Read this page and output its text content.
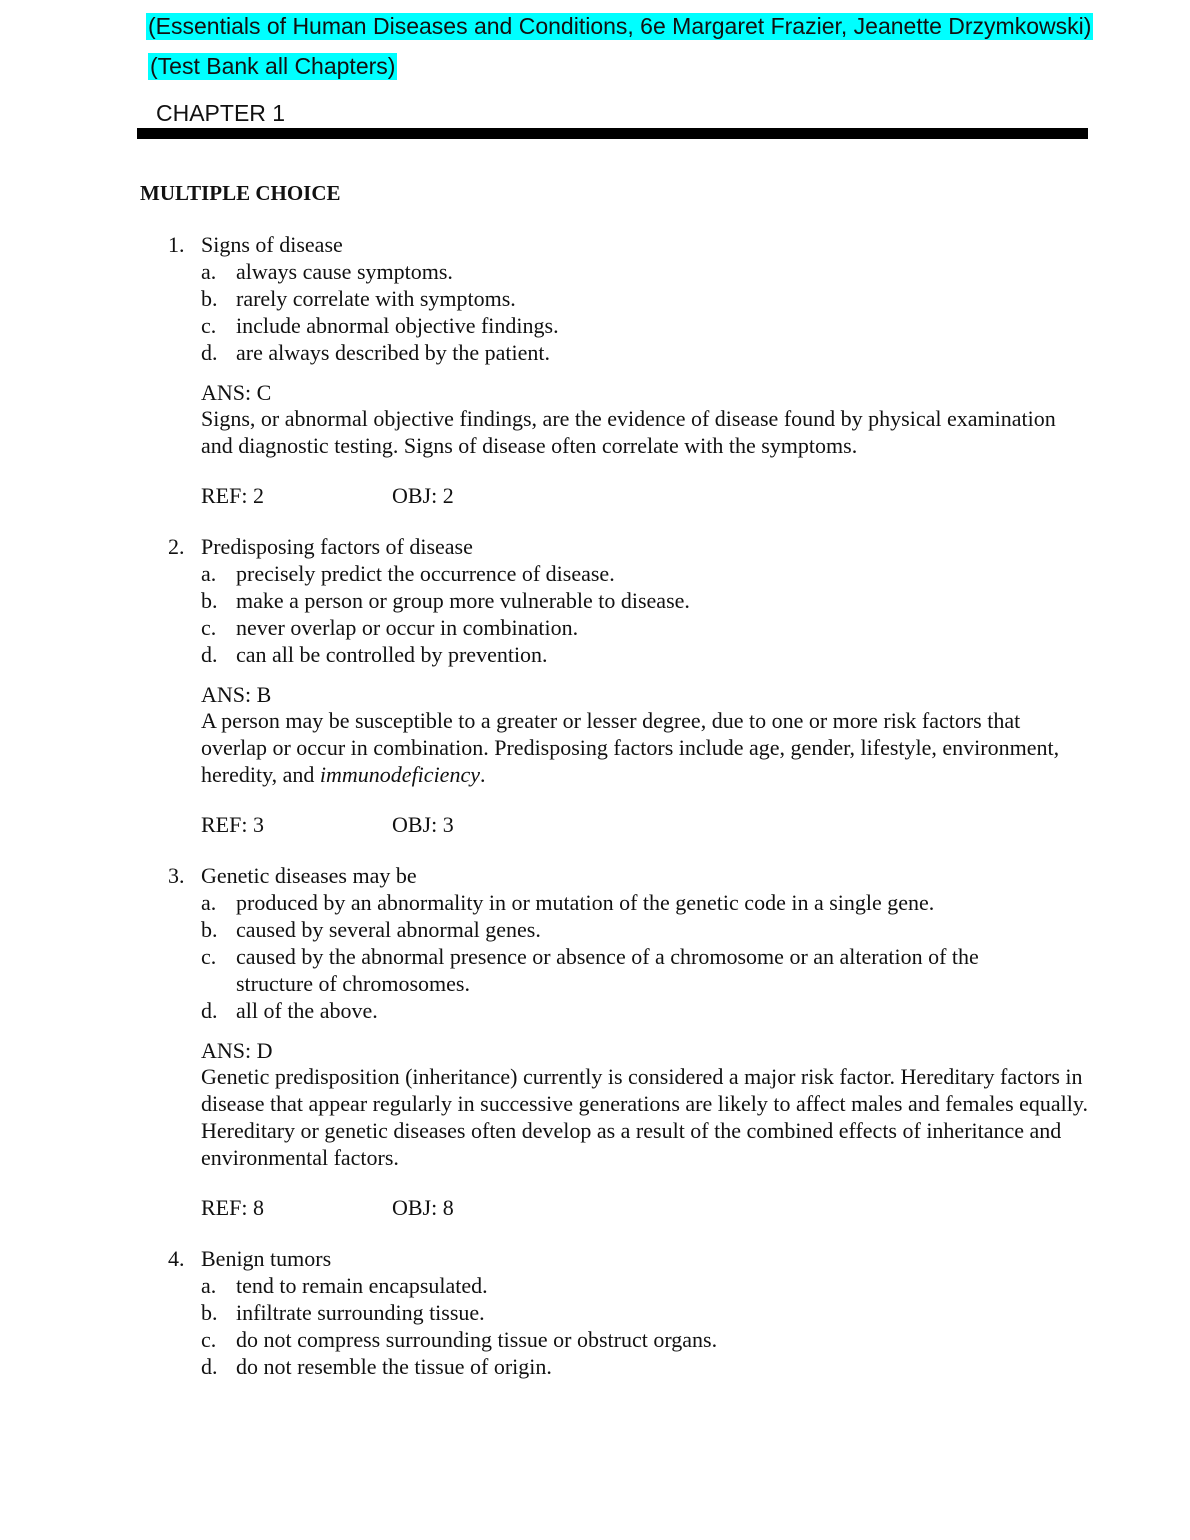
(Essentials of Human Diseases and Conditions, 6e Margaret Frazier, Jeanette Drzymkowski)
(Test Bank all Chapters)
CHAPTER 1
MULTIPLE CHOICE
1. Signs of disease
a. always cause symptoms.
b. rarely correlate with symptoms.
c. include abnormal objective findings.
d. are always described by the patient.
ANS: C
Signs, or abnormal objective findings, are the evidence of disease found by physical examination and diagnostic testing. Signs of disease often correlate with the symptoms.
REF: 2	OBJ: 2
2. Predisposing factors of disease
a. precisely predict the occurrence of disease.
b. make a person or group more vulnerable to disease.
c. never overlap or occur in combination.
d. can all be controlled by prevention.
ANS: B
A person may be susceptible to a greater or lesser degree, due to one or more risk factors that overlap or occur in combination. Predisposing factors include age, gender, lifestyle, environment, heredity, and immunodeficiency.
REF: 3	OBJ: 3
3. Genetic diseases may be
a. produced by an abnormality in or mutation of the genetic code in a single gene.
b. caused by several abnormal genes.
c. caused by the abnormal presence or absence of a chromosome or an alteration of the structure of chromosomes.
d. all of the above.
ANS: D
Genetic predisposition (inheritance) currently is considered a major risk factor. Hereditary factors in disease that appear regularly in successive generations are likely to affect males and females equally. Hereditary or genetic diseases often develop as a result of the combined effects of inheritance and environmental factors.
REF: 8	OBJ: 8
4. Benign tumors
a. tend to remain encapsulated.
b. infiltrate surrounding tissue.
c. do not compress surrounding tissue or obstruct organs.
d. do not resemble the tissue of origin.
